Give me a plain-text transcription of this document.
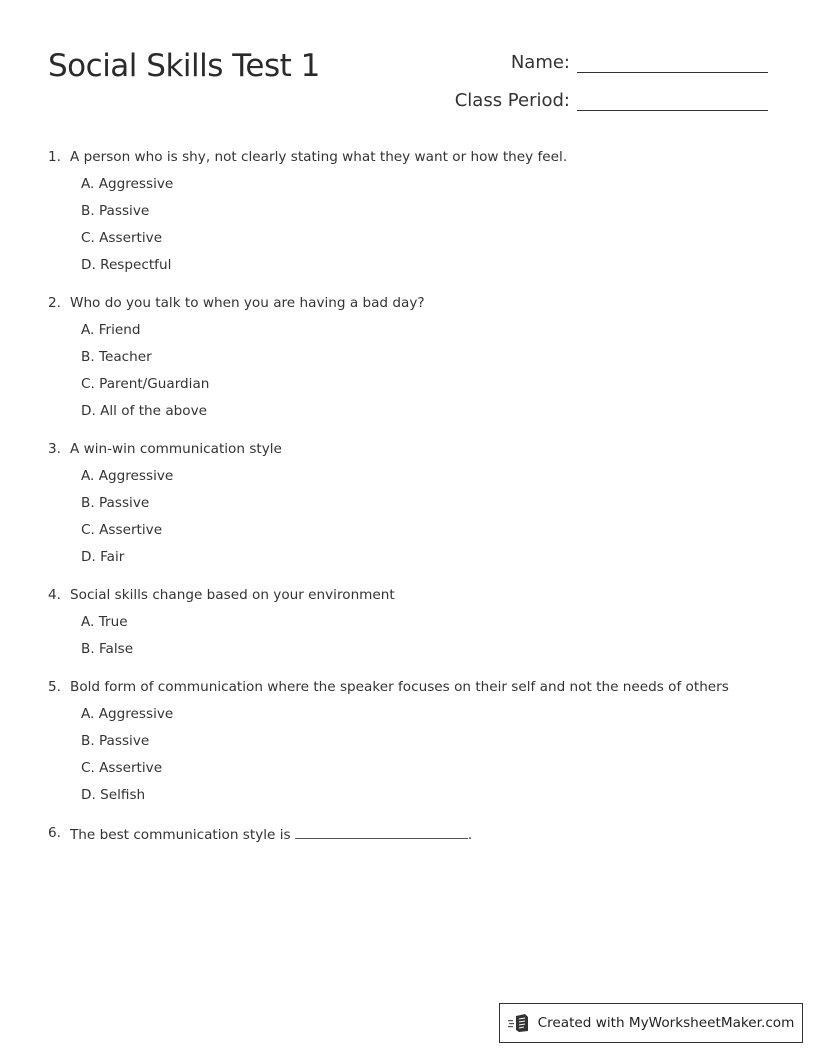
Social Skills Test 1	Name:
Class Period:
1. A person who is shy, not clearly stating what they want or how they feel.
A. Aggressive
B. Passive
C. Assertive
D. Respectful
2. Who do you talk to when you are having a bad day?
A. Friend
B. Teacher
C. Parent/Guardian
D. All of the above
3. A win-win communication style
A. Aggressive
B. Passive
C. Assertive
D. Fair
4. Social skills change based on your environment
A. True
B. False
5. Bold form of communication where the speaker focuses on their self and not the needs of others
A. Aggressive
B. Passive
C. Assertive
D. Selfish
6. The best communication style is	.
Created with MyWorksheetMaker.com
